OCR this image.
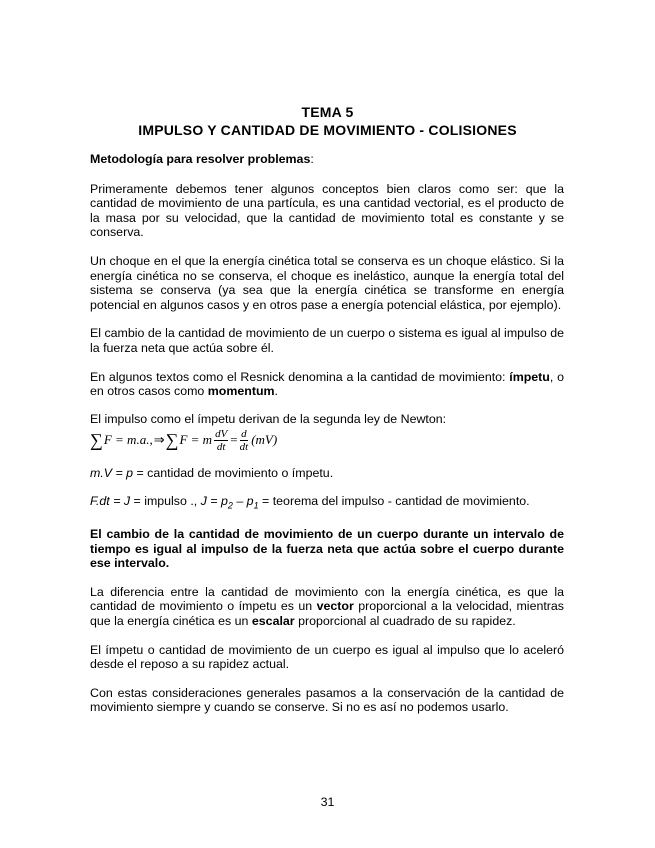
TEMA 5
IMPULSO Y CANTIDAD DE MOVIMIENTO - COLISIONES

Metodología para resolver problemas:

Primeramente debemos tener algunos conceptos bien claros como ser: que la cantidad de movimiento de una partícula, es una cantidad vectorial, es el producto de la masa por su velocidad, que la cantidad de movimiento total es constante y se conserva.

Un choque en el que la energía cinética total se conserva es un choque elástico. Si la energía cinética no se conserva, el choque es inelástico, aunque la energía total del sistema se conserva (ya sea que la energía cinética se transforme en energía potencial en algunos casos y en otros pase a energía potencial elástica, por ejemplo).

El cambio de la cantidad de movimiento de un cuerpo o sistema es igual al impulso de la fuerza neta que actúa sobre él.

En algunos textos como el Resnick denomina a la cantidad de movimiento: ímpetu, o en otros casos como momentum.

El impulso como el ímpetu derivan de la segunda ley de Newton:

∑ F = m.a., ⇒ ∑ F = m $\frac{dV}{dt} = \frac{d}{dt} (mV)$

m.V = p = cantidad de movimiento o ímpetu.

F.dt = J = impulso ., $J = p_2 - p_1$ = teorema del impulso - cantidad de movimiento.

El cambio de la cantidad de movimiento de un cuerpo durante un intervalo de tiempo es igual al impulso de la fuerza neta que actúa sobre el cuerpo durante ese intervalo.

La diferencia entre la cantidad de movimiento con la energía cinética, es que la cantidad de movimiento o ímpetu es un vector proporcional a la velocidad, mientras que la energía cinética es un escalar proporcional al cuadrado de su rapidez.

El ímpetu o cantidad de movimiento de un cuerpo es igual al impulso que lo aceleró desde el reposo a su rapidez actual.

Con estas consideraciones generales pasamos a la conservación de la cantidad de movimiento siempre y cuando se conserve. Si no es así no podemos usarlo.

31
